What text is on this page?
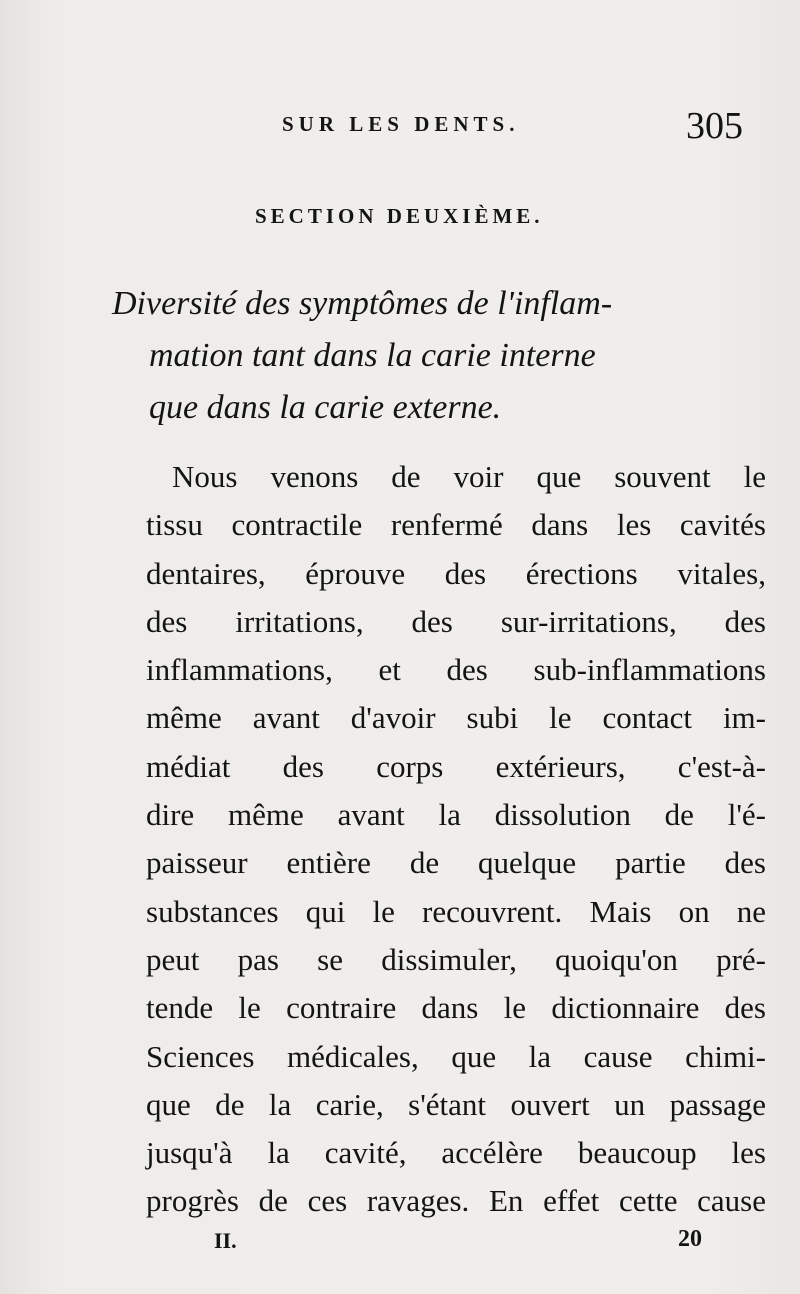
SUR LES DENTS.	305
SECTION DEUXIÈME.
Diversité des symptômes de l'inflam-
mation tant dans la carie interne
que dans la carie externe.
Nous venons de voir que souvent le
tissu contractile renfermé dans les cavités
dentaires, éprouve des érections vitales,
des irritations, des sur-irritations, des
inflammations, et des sub-inflammations
même avant d'avoir subi le contact im-
médiat des corps extérieurs, c'est-à-
dire même avant la dissolution de l'é-
paisseur entière de quelque partie des
substances qui le recouvrent. Mais on ne
peut pas se dissimuler, quoiqu'on pré-
tende le contraire dans le dictionnaire des
Sciences médicales, que la cause chimi-
que de la carie, s'étant ouvert un passage
jusqu'à la cavité, accélère beaucoup les
progrès de ces ravages. En effet cette cause
II.	20
